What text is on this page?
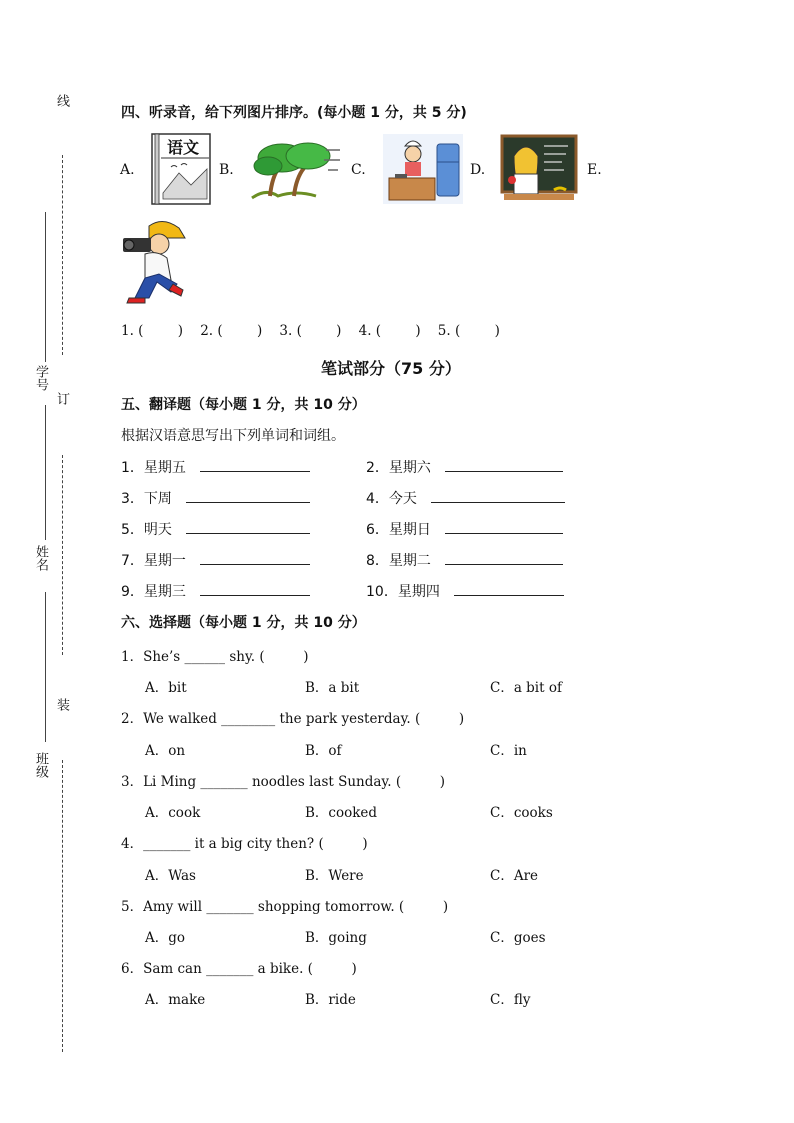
线
订
装
学号
姓名
班级
四、听录音，给下列图片排序。(每小题 1 分，共 5 分)
A.	B.	C.	D.	E.
语文
1. (        )    2. (        )    3. (        )    4. (        )    5. (        )
笔试部分（75 分）
五、翻译题（每小题 1 分，共 10 分）
根据汉语意思写出下列单词和词组。
1．星期五	2．星期六
3．下周	4．今天
5．明天	6．星期日
7．星期一	8．星期二
9．星期三	10．星期四
六、选择题（每小题 1 分，共 10 分）
1．She’s ______ shy. (         )
A．bit	B．a bit	C．a bit of
2．We walked ________ the park yesterday. (         )
A．on	B．of	C．in
3．Li Ming _______ noodles last Sunday. (         )
A．cook	B．cooked	C．cooks
4．_______ it a big city then? (         )
A．Was	B．Were	C．Are
5．Amy will _______ shopping tomorrow. (         )
A．go	B．going	C．goes
6．Sam can _______ a bike. (         )
A．make	B．ride	C．fly
